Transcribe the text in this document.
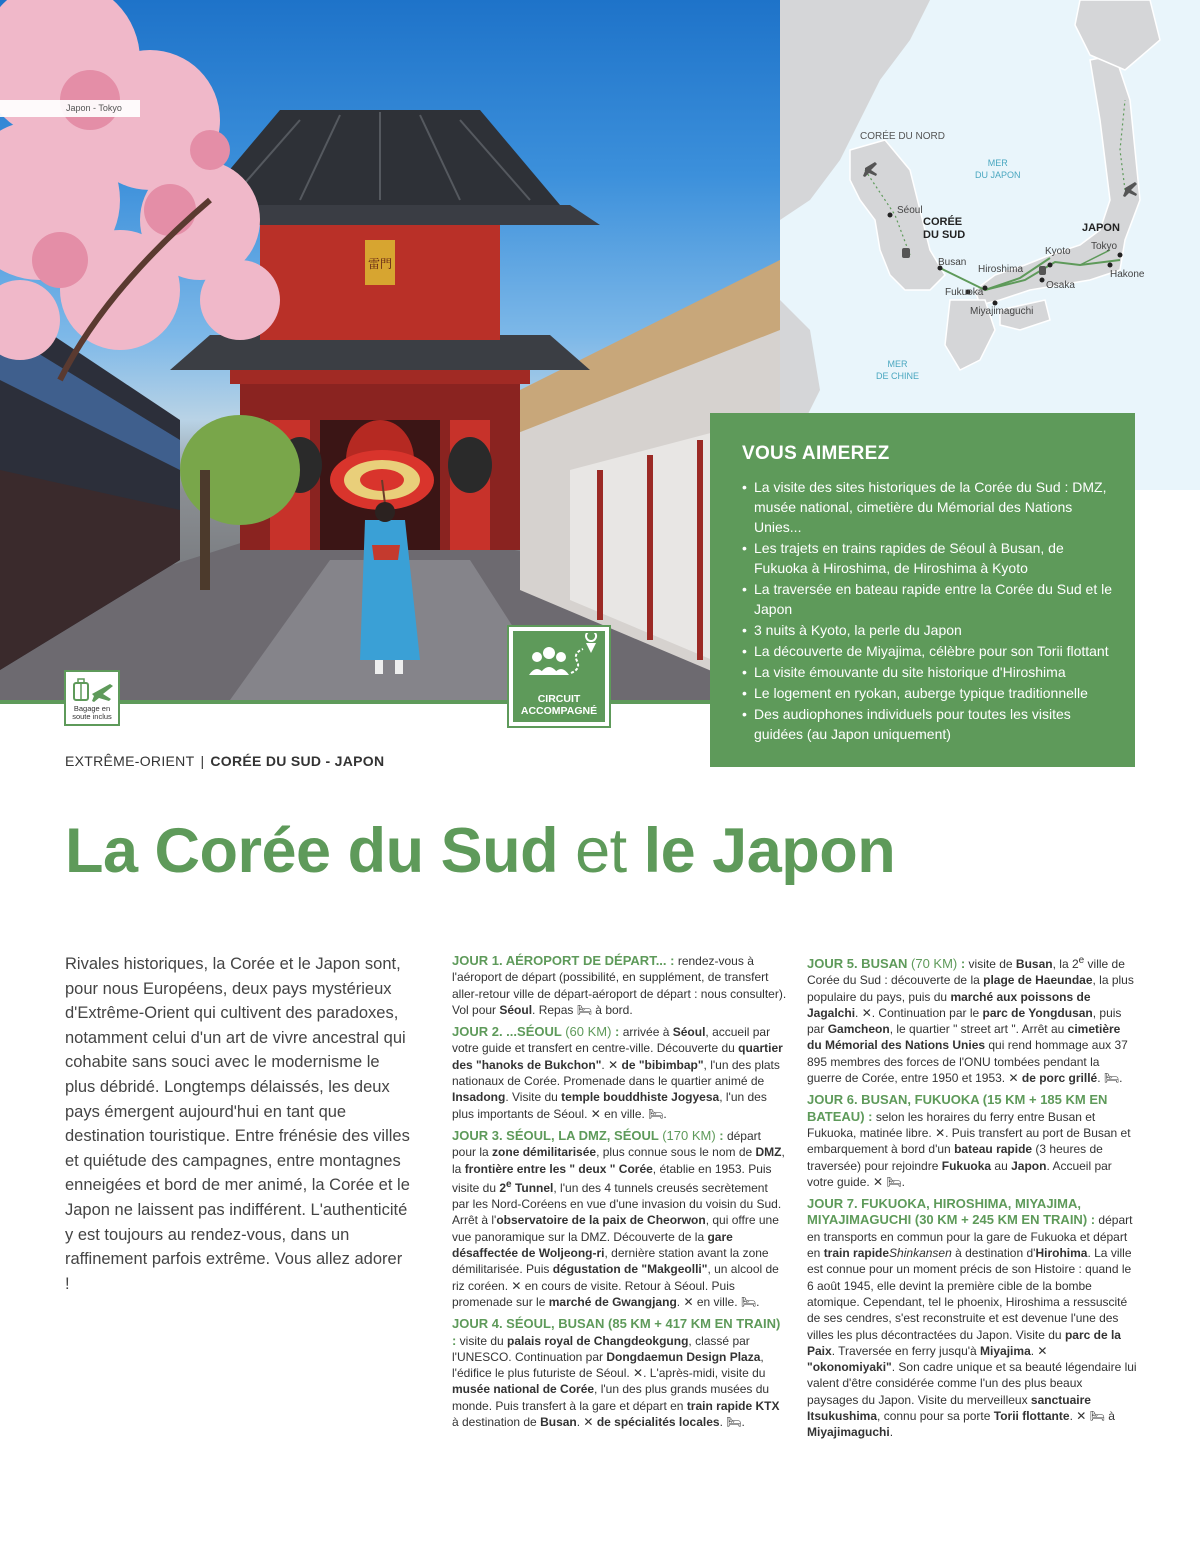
雷門
Japon - Tokyo
CORÉE DU NORD
MER
DU JAPON
CORÉE
DU SUD
JAPON
MER
DE CHINE
Séoul
Busan
Fukuoka
Hiroshima
Miyajimaguchi
Osaka
Kyoto Tokyo
Hakone
VOUS AIMEREZ
• La visite des sites historiques de la Corée du Sud : DMZ, musée national, cimetière du Mémorial des Nations Unies...
• Les trajets en trains rapides de Séoul à Busan, de Fukuoka à Hiroshima, de Hiroshima à Kyoto
• La traversée en bateau rapide entre la Corée du Sud et le Japon
• 3 nuits à Kyoto, la perle du Japon
• La découverte de Miyajima, célèbre pour son Torii flottant
• La visite émouvante du site historique d'Hiroshima
• Le logement en ryokan, auberge typique traditionnelle
• Des audiophones individuels pour toutes les visites guidées (au Japon uniquement)
Bagage en soute inclus
CIRCUIT
ACCOMPAGNÉ
EXTRÊME-ORIENT | CORÉE DU SUD - JAPON
La Corée du Sud et le Japon

Rivales historiques, la Corée et le Japon sont, pour nous Européens, deux pays mystérieux d'Extrême-Orient qui cultivent des paradoxes, notamment celui d'un art de vivre ancestral qui cohabite sans souci avec le modernisme le plus débridé. Longtemps délaissés, les deux pays émergent aujourd'hui en tant que destination touristique. Entre frénésie des villes et quiétude des campagnes, entre montagnes enneigées et bord de mer animé, la Corée et le Japon ne laissent pas indifférent. L'authenticité y est toujours au rendez-vous, dans un raffinement parfois extrême. Vous allez adorer !

JOUR 1. AÉROPORT DE DÉPART... : rendez-vous à l'aéroport de départ (possibilité, en supplément, de transfert aller-retour ville de départ-aéroport de départ : nous consulter). Vol pour Séoul. Repas 🛏 à bord.
JOUR 2. ...SÉOUL (60 KM) : arrivée à Séoul, accueil par votre guide et transfert en centre-ville. Découverte du quartier des "hanoks de Bukchon". ✕ de "bibimbap", l'un des plats nationaux de Corée. Promenade dans le quartier animé de Insadong. Visite du temple bouddhiste Jogyesa, l'un des plus importants de Séoul. ✕ en ville. 🛏.
JOUR 3. SÉOUL, LA DMZ, SÉOUL (170 KM) : départ pour la zone démilitarisée, plus connue sous le nom de DMZ, la frontière entre les " deux " Corée, établie en 1953. Puis visite du 2e Tunnel, l'un des 4 tunnels creusés secrètement par les Nord-Coréens en vue d'une invasion du voisin du Sud. Arrêt à l'observatoire de la paix de Cheorwon, qui offre une vue panoramique sur la DMZ. Découverte de la gare désaffectée de Woljeong-ri, dernière station avant la zone démilitarisée. Puis dégustation de "Makgeolli", un alcool de riz coréen. ✕ en cours de visite. Retour à Séoul. Puis promenade sur le marché de Gwangjang. ✕ en ville. 🛏.
JOUR 4. SÉOUL, BUSAN (85 KM + 417 KM EN TRAIN) : visite du palais royal de Changdeokgung, classé par l'UNESCO. Continuation par Dongdaemun Design Plaza, l'édifice le plus futuriste de Séoul. ✕. L'après-midi, visite du musée national de Corée, l'un des plus grands musées du monde. Puis transfert à la gare et départ en train rapide KTX à destination de Busan. ✕ de spécialités locales. 🛏.
JOUR 5. BUSAN (70 KM) : visite de Busan, la 2e ville de Corée du Sud : découverte de la plage de Haeundae, la plus populaire du pays, puis du marché aux poissons de Jagalchi. ✕. Continuation par le parc de Yongdusan, puis par Gamcheon, le quartier " street art ". Arrêt au cimetière du Mémorial des Nations Unies qui rend hommage aux 37 895 membres des forces de l'ONU tombées pendant la guerre de Corée, entre 1950 et 1953. ✕ de porc grillé. 🛏.
JOUR 6. BUSAN, FUKUOKA (15 KM + 185 KM EN BATEAU) : selon les horaires du ferry entre Busan et Fukuoka, matinée libre. ✕. Puis transfert au port de Busan et embarquement à bord d'un bateau rapide (3 heures de traversée) pour rejoindre Fukuoka au Japon. Accueil par votre guide. ✕ 🛏.
JOUR 7. FUKUOKA, HIROSHIMA, MIYAJIMA, MIYAJIMAGUCHI (30 KM + 245 KM EN TRAIN) : départ en transports en commun pour la gare de Fukuoka et départ en train rapideShinkansen à destination d'Hirohima. La ville est connue pour un moment précis de son Histoire : quand le 6 août 1945, elle devint la première cible de la bombe atomique. Cependant, tel le phoenix, Hiroshima a ressuscité de ses cendres, s'est reconstruite et est devenue l'une des villes les plus décontractées du Japon. Visite du parc de la Paix. Traversée en ferry jusqu'à Miyajima. ✕ "okonomiyaki". Son cadre unique et sa beauté légendaire lui valent d'être considérée comme l'un des plus beaux paysages du Japon. Visite du merveilleux sanctuaire Itsukushima, connu pour sa porte Torii flottante. ✕ 🛏 à Miyajimaguchi.
